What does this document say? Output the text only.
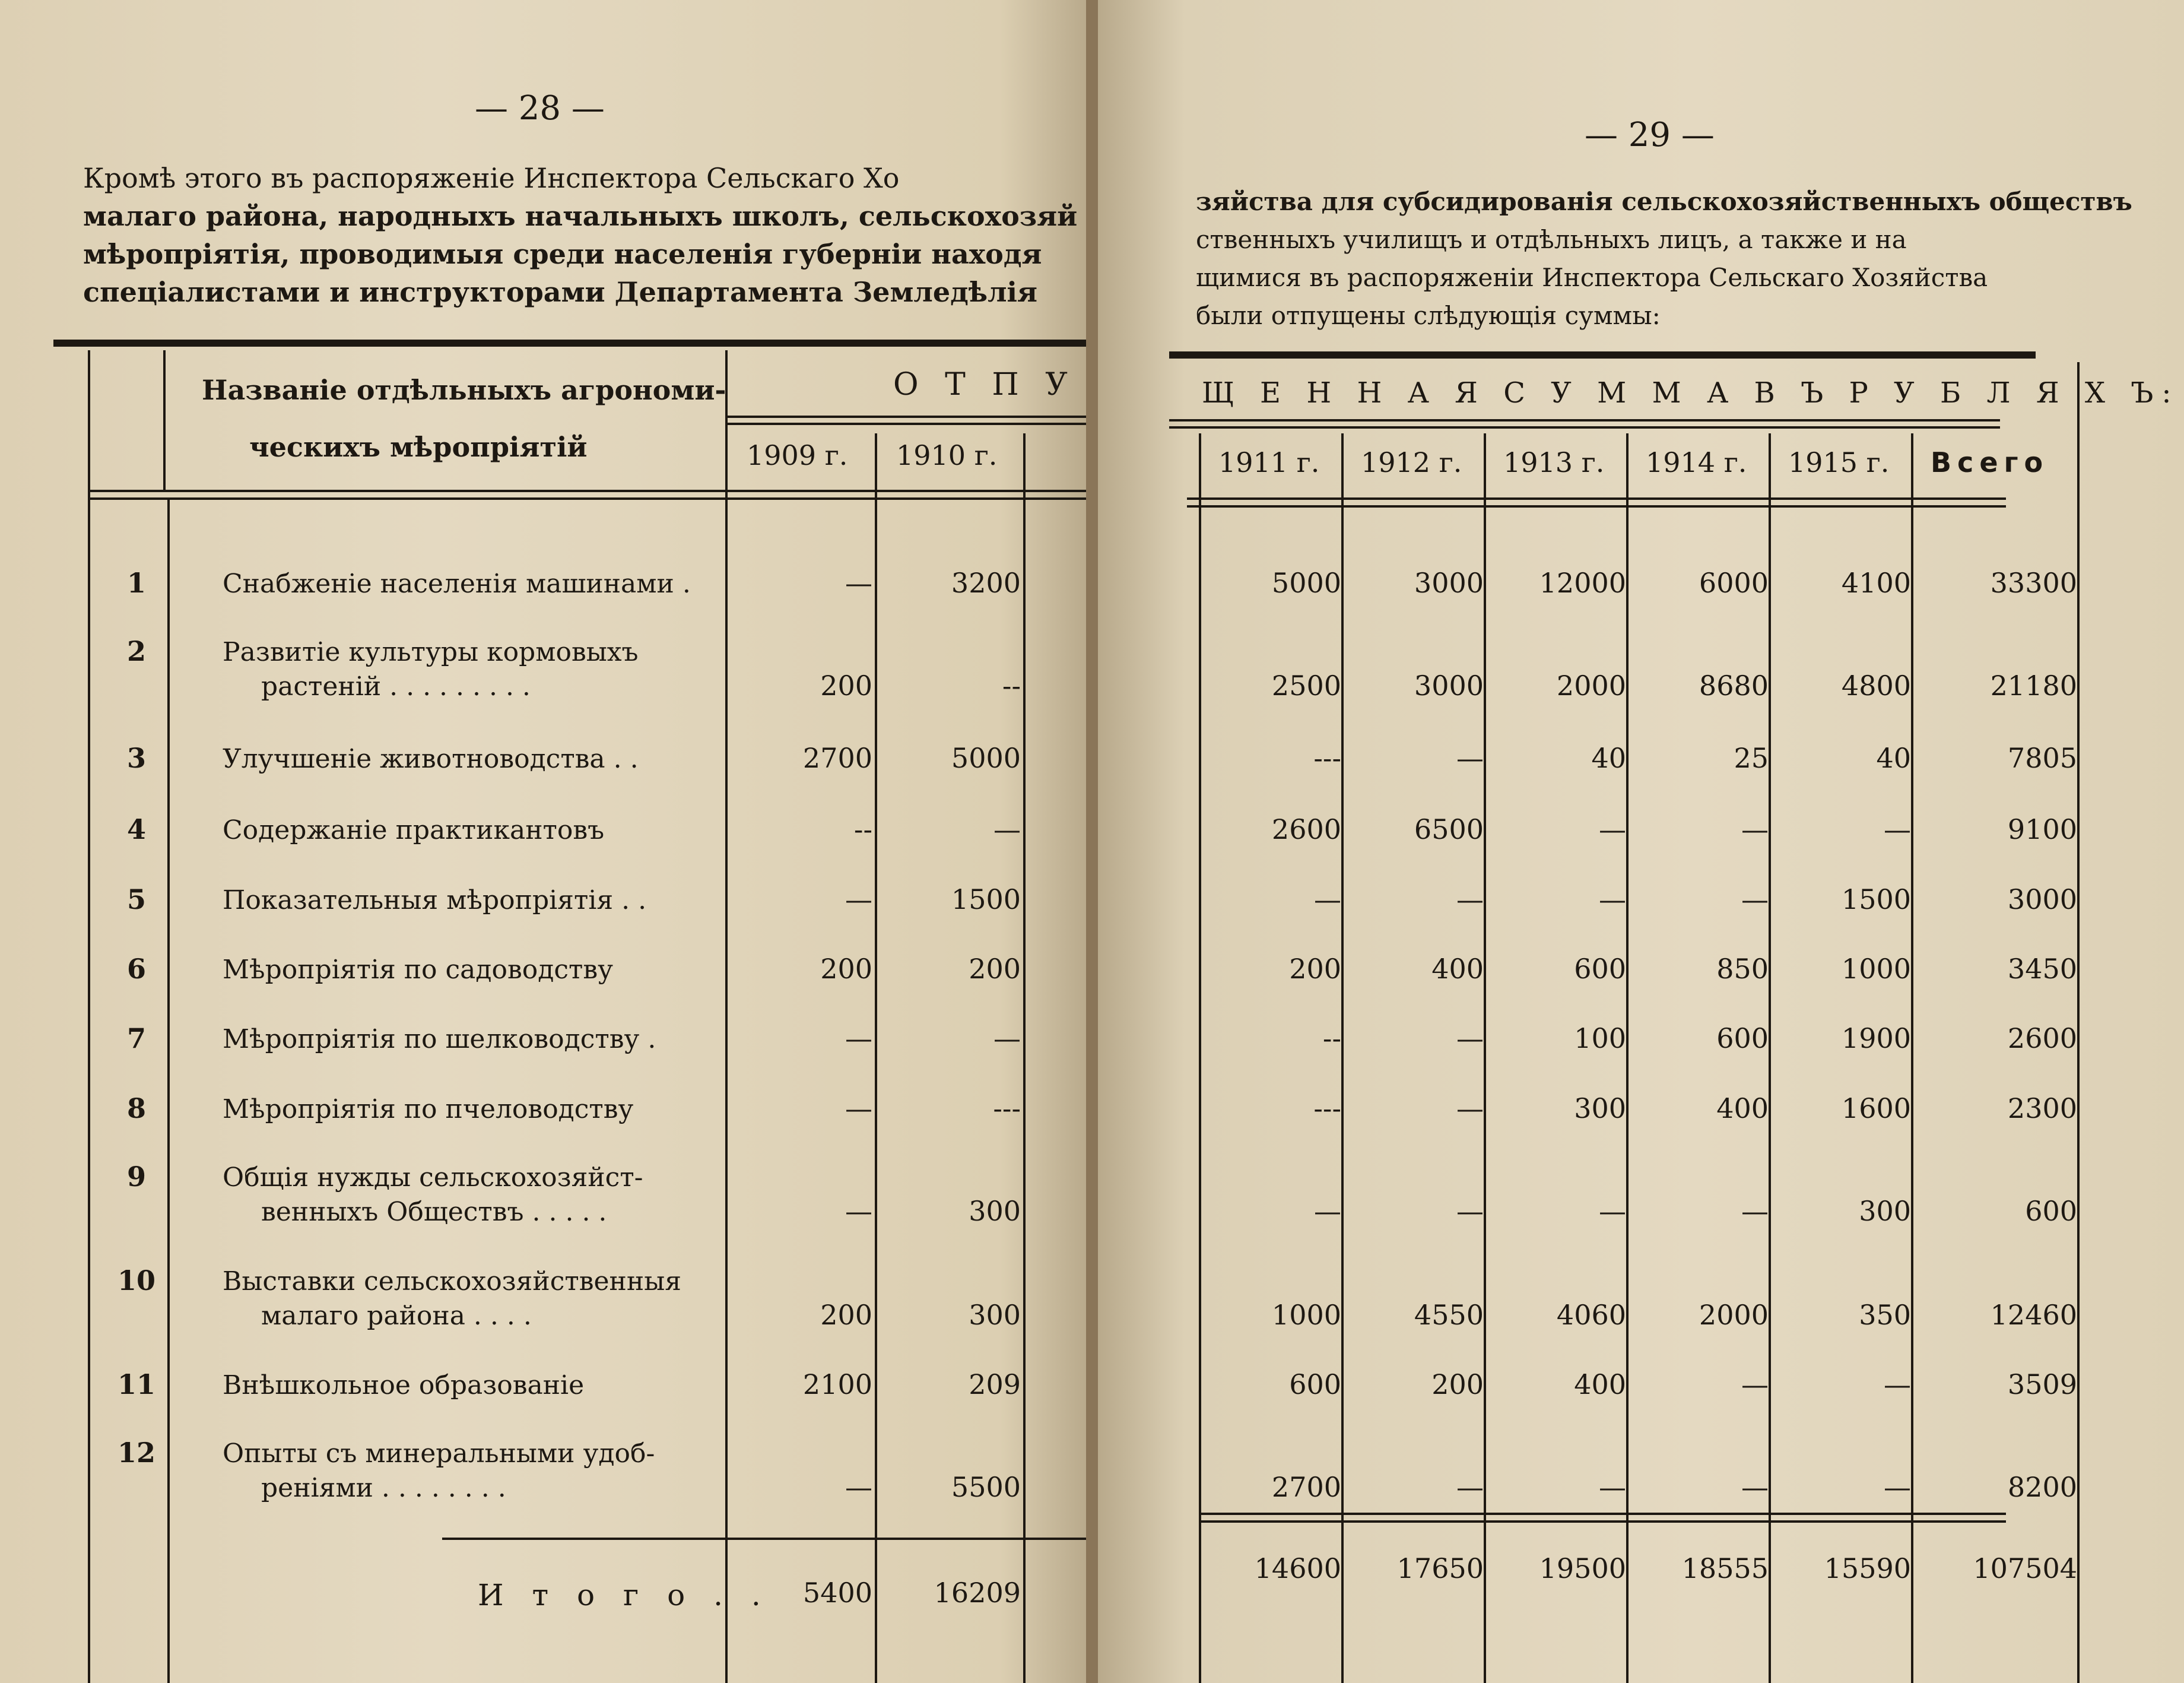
— 28 —
Кромѣ этого въ распоряженіе Инспектора Сельскаго Хо
малаго района, народныхъ начальныхъ школъ, сельскохозяй
мѣропріятія, проводимыя среди населенія губерніи находя
спеціалистами и инструкторами Департамента Земледѣлія
Названіе отдѣльныхъ агрономи-
ческихъ мѣропріятій
О Т П У
1909 г. 1910 г.
1	Снабженіе населенія машинами .	—	3200
2	Развитіе культуры кормовыхъ
растеній . . . . . . . . .	200	--
3	Улучшеніе животноводства . .	2700	5000
4	Содержаніе практикантовъ	--	—
5	Показательныя мѣропріятія . .	—	1500
6	Мѣропріятія по садоводству	200	200
7	Мѣропріятія по шелководству .	—	—
8	Мѣропріятія по пчеловодству	—	---
9	Общія нужды сельскохозяйст-
венныхъ Обществъ . . . . .	—	300
10	Выставки сельскохозяйственныя
малаго района . . . .	200	300
11	Внѣшкольное образованіе	2100	209
12	Опыты съ минеральными удоб-
реніями . . . . . . . .	—	5500
И т о г о . . 5400 16209
— 29 —
зяйства для субсидированія сельскохозяйственныхъ обществъ
ственныхъ училищъ и отдѣльныхъ лицъ, а также и на
щимися въ распоряженіи Инспектора Сельскаго Хозяйства
были отпущены слѣдующія суммы:
Щ Е Н Н А Я С У М М А В Ъ Р У Б Л Я Х Ъ:
1911 г. 1912 г. 1913 г. 1914 г. 1915 г. Всего
5000	3000 12000	6000	4100	33300
2500	3000	2000	8680	4800	21180
---	—	40	25	40	7805
2600	6500	—	—	—	9100
—	—	—	—	1500	3000
200	400	600	850	1000	3450
--	—	100	600	1900	2600
---	—	300	400	1600	2300
—	—	—	—	300	600
1000	4550	4060	2000	350	12460
600	200	400	—	—	3509
2700	—	—	—	—	8200
14600 17650 19500 18555 15590 107504
